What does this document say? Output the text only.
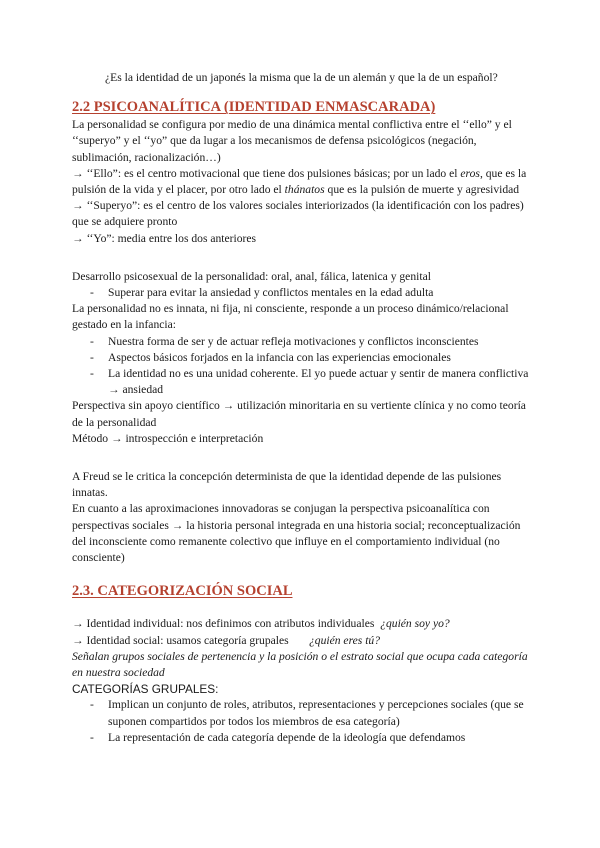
¿Es la identidad de un japonés la misma que la de un alemán y que la de un español?

2.2 PSICOANALÍTICA (IDENTIDAD ENMASCARADA)

La personalidad se configura por medio de una dinámica mental conflictiva entre el ‘‘ello” y el ‘‘superyo” y el ‘‘yo” que da lugar a los mecanismos de defensa psicológicos (negación, sublimación, racionalización…)

→ ‘‘Ello”: es el centro motivacional que tiene dos pulsiones básicas; por un lado el eros, que es la pulsión de la vida y el placer, por otro lado el thánatos que es la pulsión de muerte y agresividad

→ ‘‘Superyo”: es el centro de los valores sociales interiorizados (la identificación con los padres) que se adquiere pronto

→ ‘‘Yo”: media entre los dos anteriores

Desarrollo psicosexual de la personalidad: oral, anal, fálica, latenica y genital

- Superar para evitar la ansiedad y conflictos mentales en la edad adulta

La personalidad no es innata, ni fija, ni consciente, responde a un proceso dinámico/relacional gestado en la infancia:

- Nuestra forma de ser y de actuar refleja motivaciones y conflictos inconscientes
- Aspectos básicos forjados en la infancia con las experiencias emocionales
- La identidad no es una unidad coherente. El yo puede actuar y sentir de manera conflictiva → ansiedad

Perspectiva sin apoyo científico → utilización minoritaria en su vertiente clínica y no como teoría de la personalidad

Método → introspección e interpretación

A Freud se le critica la concepción determinista de que la identidad depende de las pulsiones innatas.

En cuanto a las aproximaciones innovadoras se conjugan la perspectiva psicoanalítica con perspectivas sociales → la historia personal integrada en una historia social; reconceptualización del inconsciente como remanente colectivo que influye en el comportamiento individual (no consciente)

2.3. CATEGORIZACIÓN SOCIAL

→ Identidad individual: nos definimos con atributos individuales ¿quién soy yo?

→ Identidad social: usamos categoría grupales ¿quién eres tú?

Señalan grupos sociales de pertenencia y la posición o el estrato social que ocupa cada categoría en nuestra sociedad

CATEGORÍAS GRUPALES:

- Implican un conjunto de roles, atributos, representaciones y percepciones sociales (que se suponen compartidos por todos los miembros de esa categoría)
- La representación de cada categoría depende de la ideología que defendamos
